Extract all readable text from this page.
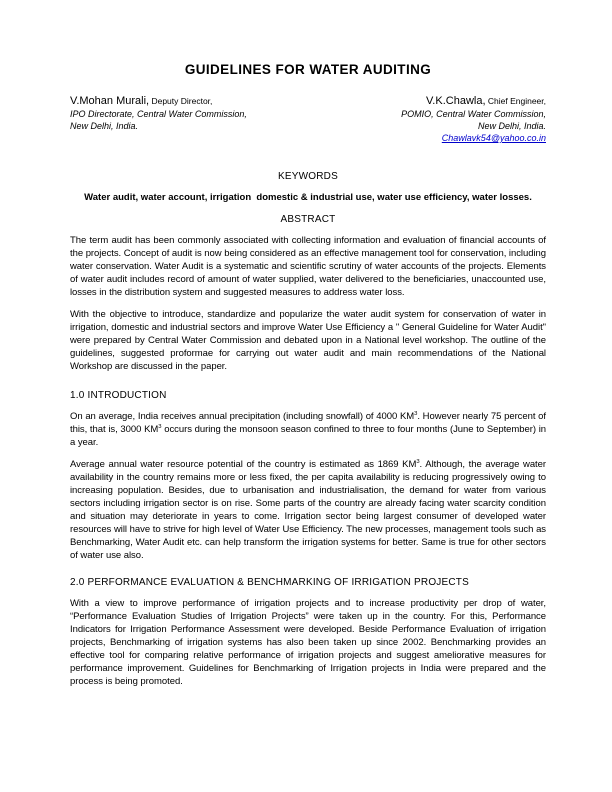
GUIDELINES FOR WATER AUDITING
V.Mohan Murali, Deputy Director,
IPO Directorate, Central Water Commission,
New Delhi, India.
V.K.Chawla, Chief Engineer,
POMIO, Central Water Commission,
New Delhi, India.
Chawlavk54@yahoo.co.in
KEYWORDS

Water audit, water account, irrigation  domestic & industrial use, water use efficiency, water losses.

ABSTRACT

The term audit has been commonly associated with collecting information and evaluation of financial accounts of the projects. Concept of audit is now being considered as an effective management tool for conservation, including water conservation. Water Audit is a systematic and scientific scrutiny of water accounts of the projects. Elements of water audit includes record of amount of water supplied, water delivered to the beneficiaries, unaccounted use, losses in the distribution system and suggested measures to address water loss.

With the objective to introduce, standardize and popularize the water audit system for conservation of water in irrigation, domestic and industrial sectors and improve Water Use Efficiency a " General Guideline for Water Audit" were prepared by Central Water Commission and debated upon in a National level workshop. The outline of the guidelines, suggested proformae for carrying out water audit and main recommendations of the National Workshop are discussed in the paper.

1.0 INTRODUCTION

On an average, India receives annual precipitation (including snowfall) of 4000 $KM^3$. However nearly 75 percent of this, that is, 3000 $KM^3$ occurs during the monsoon season confined to three to four months (June to September) in a year.

Average annual water resource potential of the country is estimated as 1869 $KM^3$. Although, the average water availability in the country remains more or less fixed, the per capita availability is reducing progressively owing to increasing population. Besides, due to urbanisation and industrialisation, the demand for water from various sectors including irrigation sector is on rise. Some parts of the country are already facing water scarcity condition and situation may deteriorate in years to come. Irrigation sector being largest consumer of developed water resources will have to strive for high level of Water Use Efficiency. The new processes, management tools such as Benchmarking, Water Audit etc. can help transform the irrigation systems for better. Same is true for other sectors of water use also.

2.0 PERFORMANCE EVALUATION & BENCHMARKING OF IRRIGATION PROJECTS

With a view to improve performance of irrigation projects and to increase productivity per drop of water, “Performance Evaluation Studies of Irrigation Projects” were taken up in the country. For this, Performance Indicators for Irrigation Performance Assessment were developed. Beside Performance Evaluation of irrigation projects, Benchmarking of irrigation systems has also been taken up since 2002. Benchmarking provides an effective tool for comparing relative performance of irrigation projects and suggest ameliorative measures for performance improvement. Guidelines for Benchmarking of Irrigation projects in India were prepared and the process is being promoted.
